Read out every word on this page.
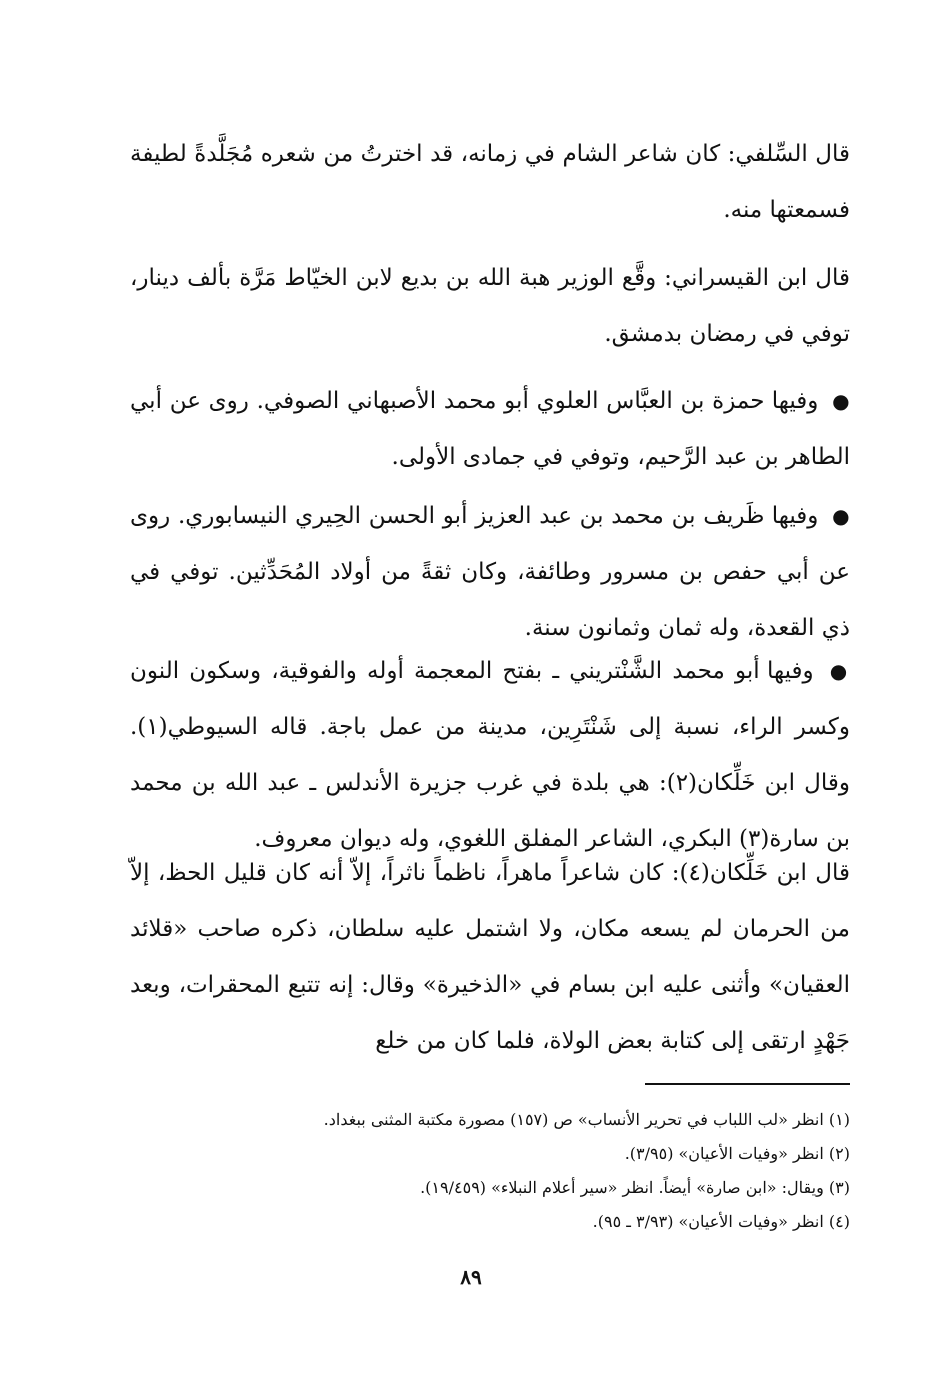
قال السِّلفي: كان شاعر الشام في زمانه، قد اخترتُ من شعره مُجَلَّدةً لطيفة فسمعتها منه.

قال ابن القيسراني: وقَّع الوزير هبة الله بن بديع لابن الخيّاط مَرَّة بألف دينار، توفي في رمضان بدمشق.

● وفيها حمزة بن العبَّاس العلوي أبو محمد الأصبهاني الصوفي. روى عن أبي الطاهر بن عبد الرَّحيم، وتوفي في جمادى الأولى.

● وفيها ظَريف بن محمد بن عبد العزيز أبو الحسن الحِيري النيسابوري. روى عن أبي حفص بن مسرور وطائفة، وكان ثقةً من أولاد المُحَدِّثين. توفي في ذي القعدة، وله ثمان وثمانون سنة.

● وفيها أبو محمد الشَّنْتريني ـ بفتح المعجمة أوله والفوقية، وسكون النون وكسر الراء، نسبة إلى شَنْتَرِين، مدينة من عمل باجة. قاله السيوطي(١). وقال ابن خَلِّكان(٢): هي بلدة في غرب جزيرة الأندلس ـ عبد الله بن محمد بن سارة(٣) البكري، الشاعر المفلق اللغوي، وله ديوان معروف.

قال ابن خَلِّكان(٤): كان شاعراً ماهراً، ناظماً ناثراً، إلاّ أنه كان قليل الحظ، إلاّ من الحرمان لم يسعه مكان، ولا اشتمل عليه سلطان، ذكره صاحب «قلائد العقيان» وأثنى عليه ابن بسام في «الذخيرة» وقال: إنه تتبع المحقرات، وبعد جَهْدٍ ارتقى إلى كتابة بعض الولاة، فلما كان من خلع

(١) انظر «لب اللباب في تحرير الأنساب» ص (١٥٧) مصورة مكتبة المثنى ببغداد.
(٢) انظر «وفيات الأعيان» (٣/٩٥).
(٣) ويقال: «ابن صارة» أيضاً. انظر «سير أعلام النبلاء» (١٩/٤٥٩).
(٤) انظر «وفيات الأعيان» (٣/٩٣ ـ ٩٥).
٨٩
